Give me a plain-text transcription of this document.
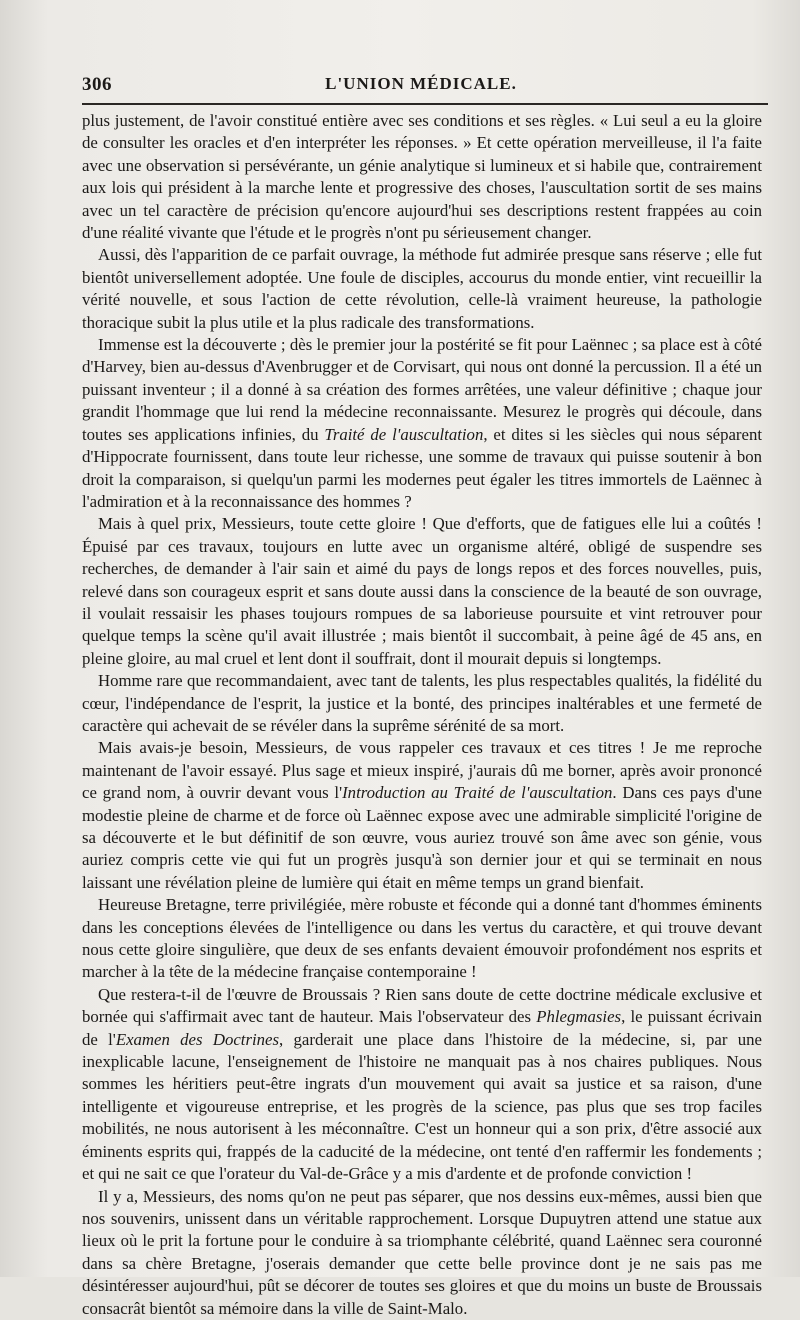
306	L'UNION MÉDICALE.

plus justement, de l'avoir constitué entière avec ses conditions et ses règles. « Lui seul a eu la gloire de consulter les oracles et d'en interpréter les réponses. » Et cette opération merveilleuse, il l'a faite avec une observation si persévérante, un génie analytique si lumineux et si habile que, contrairement aux lois qui président à la marche lente et progressive des choses, l'auscultation sortit de ses mains avec un tel caractère de précision qu'encore aujourd'hui ses descriptions restent frappées au coin d'une réalité vivante que l'étude et le progrès n'ont pu sérieusement changer.

Aussi, dès l'apparition de ce parfait ouvrage, la méthode fut admirée presque sans réserve ; elle fut bientôt universellement adoptée. Une foule de disciples, accourus du monde entier, vint recueillir la vérité nouvelle, et sous l'action de cette révolution, celle-là vraiment heureuse, la pathologie thoracique subit la plus utile et la plus radicale des transformations.

Immense est la découverte ; dès le premier jour la postérité se fit pour Laënnec ; sa place est à côté d'Harvey, bien au-dessus d'Avenbrugger et de Corvisart, qui nous ont donné la percussion. Il a été un puissant inventeur ; il a donné à sa création des formes arrêtées, une valeur définitive ; chaque jour grandit l'hommage que lui rend la médecine reconnaissante. Mesurez le progrès qui découle, dans toutes ses applications infinies, du Traité de l'auscultation, et dites si les siècles qui nous séparent d'Hippocrate fournissent, dans toute leur richesse, une somme de travaux qui puisse soutenir à bon droit la comparaison, si quelqu'un parmi les modernes peut égaler les titres immortels de Laënnec à l'admiration et à la reconnaissance des hommes ?

Mais à quel prix, Messieurs, toute cette gloire ! Que d'efforts, que de fatigues elle lui a coûtés ! Épuisé par ces travaux, toujours en lutte avec un organisme altéré, obligé de suspendre ses recherches, de demander à l'air sain et aimé du pays de longs repos et des forces nouvelles, puis, relevé dans son courageux esprit et sans doute aussi dans la conscience de la beauté de son ouvrage, il voulait ressaisir les phases toujours rompues de sa laborieuse poursuite et vint retrouver pour quelque temps la scène qu'il avait illustrée ; mais bientôt il succombait, à peine âgé de 45 ans, en pleine gloire, au mal cruel et lent dont il souffrait, dont il mourait depuis si longtemps.

Homme rare que recommandaient, avec tant de talents, les plus respectables qualités, la fidélité du cœur, l'indépendance de l'esprit, la justice et la bonté, des principes inaltérables et une fermeté de caractère qui achevait de se révéler dans la suprême sérénité de sa mort.

Mais avais-je besoin, Messieurs, de vous rappeler ces travaux et ces titres ! Je me reproche maintenant de l'avoir essayé. Plus sage et mieux inspiré, j'aurais dû me borner, après avoir prononcé ce grand nom, à ouvrir devant vous l'Introduction au Traité de l'auscultation. Dans ces pays d'une modestie pleine de charme et de force où Laënnec expose avec une admirable simplicité l'origine de sa découverte et le but définitif de son œuvre, vous auriez trouvé son âme avec son génie, vous auriez compris cette vie qui fut un progrès jusqu'à son dernier jour et qui se terminait en nous laissant une révélation pleine de lumière qui était en même temps un grand bienfait.

Heureuse Bretagne, terre privilégiée, mère robuste et féconde qui a donné tant d'hommes éminents dans les conceptions élevées de l'intelligence ou dans les vertus du caractère, et qui trouve devant nous cette gloire singulière, que deux de ses enfants devaient émouvoir profondément nos esprits et marcher à la tête de la médecine française contemporaine !

Que restera-t-il de l'œuvre de Broussais ? Rien sans doute de cette doctrine médicale exclusive et bornée qui s'affirmait avec tant de hauteur. Mais l'observateur des Phlegmasies, le puissant écrivain de l'Examen des Doctrines, garderait une place dans l'histoire de la médecine, si, par une inexplicable lacune, l'enseignement de l'histoire ne manquait pas à nos chaires publiques. Nous sommes les héritiers peut-être ingrats d'un mouvement qui avait sa justice et sa raison, d'une intelligente et vigoureuse entreprise, et les progrès de la science, pas plus que ses trop faciles mobilités, ne nous autorisent à les méconnaître. C'est un honneur qui a son prix, d'être associé aux éminents esprits qui, frappés de la caducité de la médecine, ont tenté d'en raffermir les fondements ; et qui ne sait ce que l'orateur du Val-de-Grâce y a mis d'ardente et de profonde conviction !

Il y a, Messieurs, des noms qu'on ne peut pas séparer, que nos dessins eux-mêmes, aussi bien que nos souvenirs, unissent dans un véritable rapprochement. Lorsque Dupuytren attend une statue aux lieux où le prit la fortune pour le conduire à sa triomphante célébrité, quand Laënnec sera couronné dans sa chère Bretagne, j'oserais demander que cette belle province dont je ne sais pas me désintéresser aujourd'hui, pût se décorer de toutes ses gloires et que du moins un buste de Broussais consacrât bientôt sa mémoire dans la ville de Saint-Malo.
